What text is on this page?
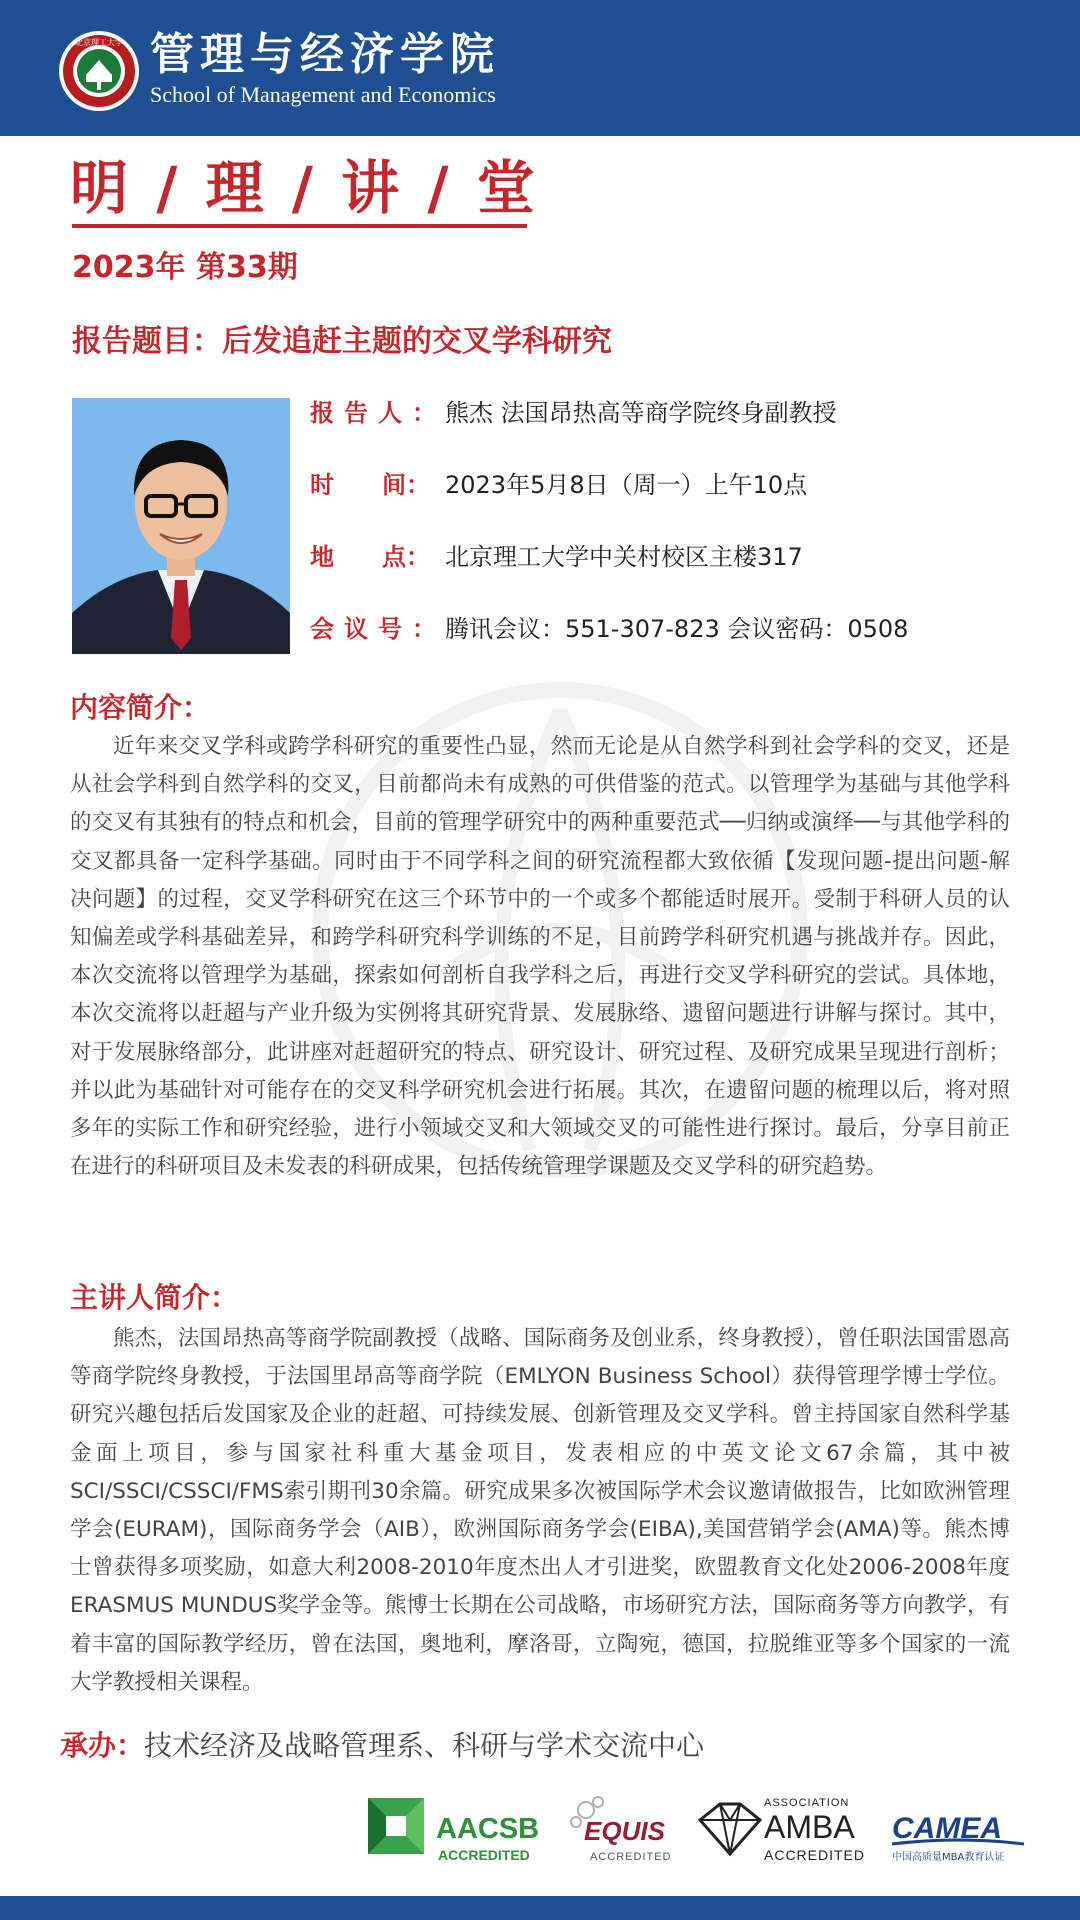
北京理工大学 管理与经济学院
School of Management and Economics
明 / 理 / 讲 / 堂
2023年 第33期
报告题目：后发追赶主题的交叉学科研究
报告人：熊杰 法国昂热高等商学院终身副教授
时　　间： 2023年5月8日（周一）上午10点
地　　点： 北京理工大学中关村校区主楼317
会议号：腾讯会议：551-307-823 会议密码：0508
内容简介：
近年来交叉学科或跨学科研究的重要性凸显，然而无论是从自然学科到社会学科的交叉，还是从社会学科到自然学科的交叉，目前都尚未有成熟的可供借鉴的范式。以管理学为基础与其他学科的交叉有其独有的特点和机会，目前的管理学研究中的两种重要范式──归纳或演绎──与其他学科的交叉都具备一定科学基础。同时由于不同学科之间的研究流程都大致依循【发现问题-提出问题-解决问题】的过程，交叉学科研究在这三个环节中的一个或多个都能适时展开。受制于科研人员的认知偏差或学科基础差异，和跨学科研究科学训练的不足，目前跨学科研究机遇与挑战并存。因此，本次交流将以管理学为基础，探索如何剖析自我学科之后，再进行交叉学科研究的尝试。具体地，本次交流将以赶超与产业升级为实例将其研究背景、发展脉络、遗留问题进行讲解与探讨。其中，对于发展脉络部分，此讲座对赶超研究的特点、研究设计、研究过程、及研究成果呈现进行剖析；并以此为基础针对可能存在的交叉科学研究机会进行拓展。其次，在遗留问题的梳理以后，将对照多年的实际工作和研究经验，进行小领域交叉和大领域交叉的可能性进行探讨。最后，分享目前正在进行的科研项目及未发表的科研成果，包括传统管理学课题及交叉学科的研究趋势。
主讲人简介：
熊杰，法国昂热高等商学院副教授（战略、国际商务及创业系，终身教授），曾任职法国雷恩高等商学院终身教授，于法国里昂高等商学院（EMLYON Business School）获得管理学博士学位。研究兴趣包括后发国家及企业的赶超、可持续发展、创新管理及交叉学科。曾主持国家自然科学基金面上项目，参与国家社科重大基金项目，发表相应的中英文论文67余篇，其中被SCI/SSCI/CSSCI/FMS索引期刊30余篇。研究成果多次被国际学术会议邀请做报告，比如欧洲管理学会(EURAM)，国际商务学会（AIB），欧洲国际商务学会(EIBA),美国营销学会(AMA)等。熊杰博士曾获得多项奖励，如意大利2008-2010年度杰出人才引进奖，欧盟教育文化处2006-2008年度 ERASMUS MUNDUS奖学金等。熊博士长期在公司战略，市场研究方法，国际商务等方向教学，有着丰富的国际教学经历，曾在法国，奥地利，摩洛哥，立陶宛，德国，拉脱维亚等多个国家的一流大学教授相关课程。
承办：技术经济及战略管理系、科研与学术交流中心
AACSB
ACCREDITED
EQUIS
ACCREDITED
ASSOCIATION
AMBA
ACCREDITED
CAMEA
中国高质量MBA教育认证
